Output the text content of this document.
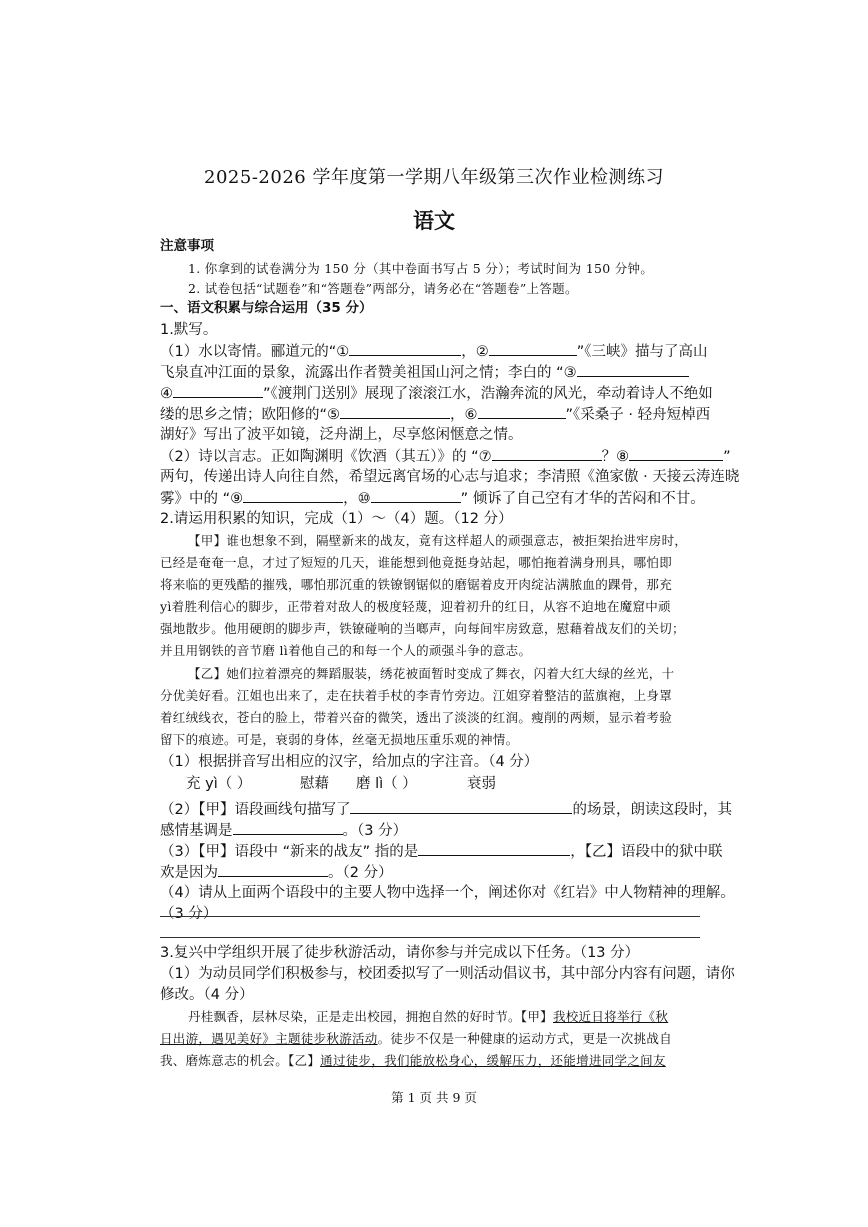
2025-2026 学年度第一学期八年级第三次作业检测练习
语文
注意事项
1. 你拿到的试卷满分为 150 分（其中卷面书写占 5 分）；考试时间为 150 分钟。
2. 试卷包括“试题卷”和“答题卷”两部分，请务必在“答题卷”上答题。
一、语文积累与综合运用（35 分）
1.默写。
（1）水以寄情。郦道元的“①	，②	”《三峡》描与了高山
飞泉直冲江面的景象，流露出作者赞美祖国山河之情；李白的 “③
④	”《渡荆门送别》展现了滚滚江水，浩瀚奔流的风光，牵动着诗人不绝如
缕的思乡之情；欧阳修的“⑤	，⑥	”《采桑子 · 轻舟短棹西
湖好》写出了波平如镜，泛舟湖上，尽享悠闲惬意之情。
（2）诗以言志。正如陶渊明《饮酒（其五）》的 “⑦	？⑧	”
两句，传递出诗人向往自然，希望远离官场的心志与追求；李清照《渔家傲 · 天接云涛连晓
雾》中的 “⑨	，⑩	” 倾诉了自己空有才华的苦闷和不甘。
2.请运用积累的知识，完成（1）～（4）题。（12 分）
【甲】谁也想象不到，隔壁新来的战友，竟有这样超人的顽强意志，被拒架抬进牢房时，
已经是奄奄一息，才过了短短的几天，谁能想到他竟挺身站起，哪怕拖着满身刑具，哪怕即
将来临的更残酷的摧残，哪怕那沉重的铁镣钢锯似的磨锯着皮开肉绽沾满脓血的踝骨，那充
yì着胜利信心的脚步，正带着对敌人的极度轻蔑，迎着初升的红日，从容不迫地在魔窟中顽
强地散步。他用硬朗的脚步声，铁镣碰响的当啷声，向每间牢房致意，慰藉着战友们的关切；
并且用钢铁的音节磨 lì着他自己的和每一个人的顽强斗争的意志。
【乙】她们拉着漂亮的舞蹈服装，绣花被面暂时变成了舞衣，闪着大红大绿的丝光，十
分优美好看。江姐也出来了，走在扶着手杖的李青竹旁边。江姐穿着整洁的蓝旗袍，上身罩
着红绒线衣，苍白的脸上，带着兴奋的微笑，透出了淡淡的红润。瘦削的两颊，显示着考验
留下的痕迹。可是，衰弱的身体，丝毫无损地压重乐观的神情。
（1）根据拼音写出相应的汉字，给加点的字注音。（4 分）
充 yì（ ）	慰藉 磨 lì（ ）	衰弱
（2）【甲】语段画线句描写了	的场景，朗读这段时，其
感情基调是	。（3 分）
（3）【甲】语段中 “新来的战友” 指的是	，【乙】语段中的狱中联
欢是因为	。（2 分）
（4）请从上面两个语段中的主要人物中选择一个，阐述你对《红岩》中人物精神的理解。
（3 分）
3.复兴中学组织开展了徒步秋游活动，请你参与并完成以下任务。（13 分）
（1）为动员同学们积极参与，校团委拟写了一则活动倡议书，其中部分内容有问题，请你
修改。（4 分）
丹桂飘香，层林尽染，正是走出校园，拥抱自然的好时节。【甲】我校近日将举行《秋
日出游，遇见美好》主题徒步秋游活动。徒步不仅是一种健康的运动方式，更是一次挑战自
我、磨炼意志的机会。【乙】通过徒步，我们能放松身心，缓解压力，还能增进同学之间友
第 1 页 共 9 页
